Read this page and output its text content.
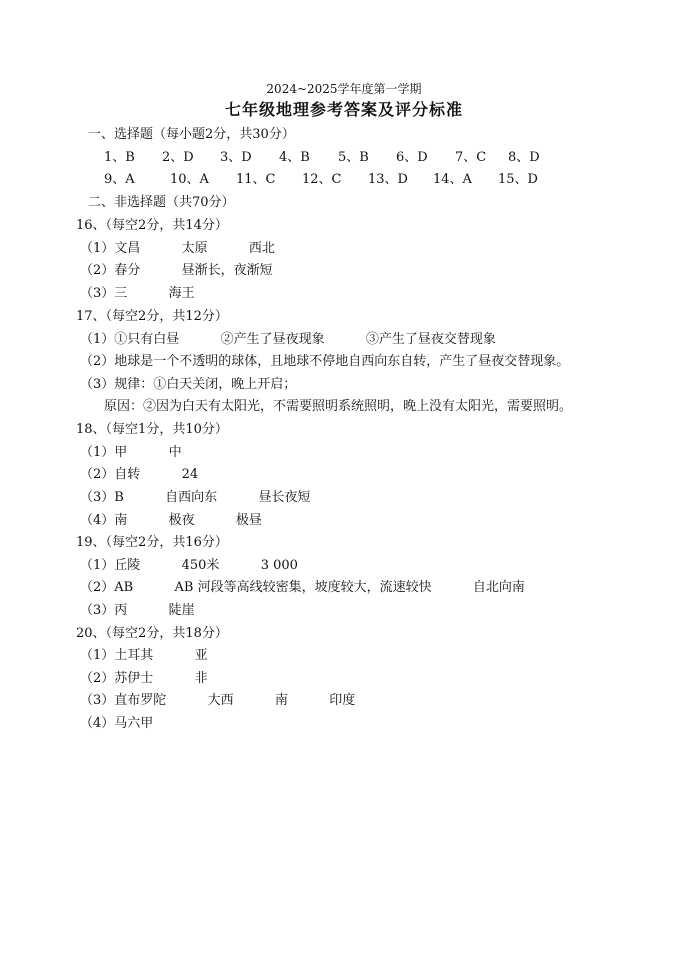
2024~2025学年度第一学期
七年级地理参考答案及评分标准
一、选择题（每小题2分，共30分）
1、B 2、D 3、D 4、B 5、B 6、D 7、C 8、D
9、A	10、A 11、C 12、C 13、D 14、A 15、D
二、非选择题（共70分）
16、（每空2分，共14分）
（1）文昌          太原          西北
（2）春分          昼渐长，夜渐短
（3）三          海王
17、（每空2分，共12分）
（1）①只有白昼          ②产生了昼夜现象          ③产生了昼夜交替现象
（2）地球是一个不透明的球体，且地球不停地自西向东自转，产生了昼夜交替现象。
（3）规律：①白天关闭，晚上开启；
原因：②因为白天有太阳光，不需要照明系统照明，晚上没有太阳光，需要照明。
18、（每空1分，共10分）
（1）甲          中
（2）自转          24
（3）B          自西向东          昼长夜短
（4）南          极夜          极昼
19、（每空2分，共16分）
（1）丘陵          450米          3 000
（2）AB          AB 河段等高线较密集，坡度较大，流速较快          自北向南
（3）丙          陡崖
20、（每空2分，共18分）
（1）土耳其          亚
（2）苏伊士          非
（3）直布罗陀          大西          南          印度
（4）马六甲
